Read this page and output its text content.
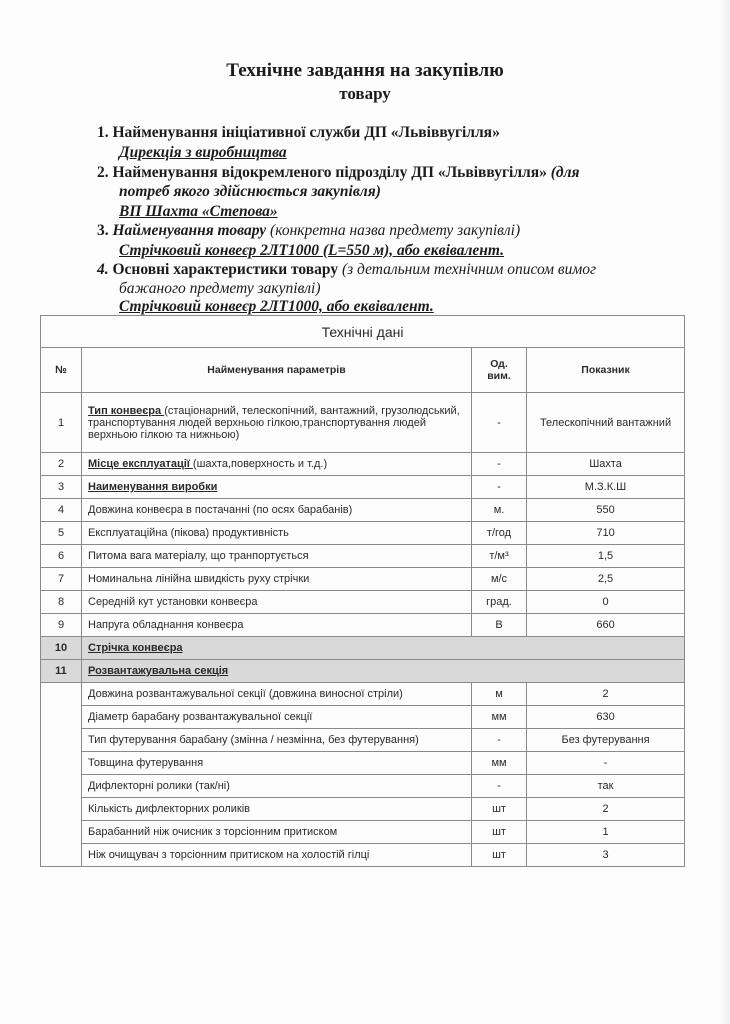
Технічне завдання на закупівлю
товару
1. Найменування ініціативної служби ДП «Львіввугілля»
Дирекція з виробництва
2. Найменування відокремленого підрозділу ДП «Львіввугілля» (для
потреб якого здійснюється закупівля)
ВП Шахта «Степова»
3. Найменування товару (конкретна назва предмету закупівлі)
Стрічковий конвеєр 2ЛТ1000 (L=550 м), або еквівалент.
4. Основні характеристики товару (з детальним технічним описом вимог
бажаного предмету закупівлі)
Стрічковий конвеєр 2ЛТ1000, або еквівалент.
Технічні дані			
№	Найменування параметрів	Од. вим.	Показник
1	Тип конвеєра (стаціонарний, телескопічний, вантажний, грузолюдський, транспортування людей верхньою гілкою,транспортування людей верхньою гілкою та нижньою)	-	Телескопічний вантажний
2	Місце експлуатації (шахта,поверхность и т.д.)	-	Шахта
3	Наименування виробки	-	М.З.К.Ш
4	Довжина конвеєра в постачанні (по осях барабанів)	м.	550
5	Експлуатаційна (пікова) продуктивність	т/год	710
6	Питома вага матеріалу, що транпортується	т/м³	1,5
7	Номинальна лінійна швидкість руху стрічки	м/с	2,5
8	Середній кут установки конвеєра	град.	0
9	Напруга обладнання конвеєра	В	660
10	Стрічка конвеєра		
11	Розвантажувальна секція		
	Довжина розвантажувальної секції (довжина виносної стріли)	м	2
	Діаметр барабану розвантажувальної секції	мм	630
	Тип футерування барабану (змінна / незмінна, без футерування)	-	Без футерування
	Товщина футерування	мм	-
	Дифлекторні ролики (так/ні)	-	так
	Кількість дифлекторних роликів	шт	2
	Барабанний ніж очисник з торсіонним притиском	шт	1
	Ніж очищувач з торсіонним притиском на холостій гілці	шт	3
